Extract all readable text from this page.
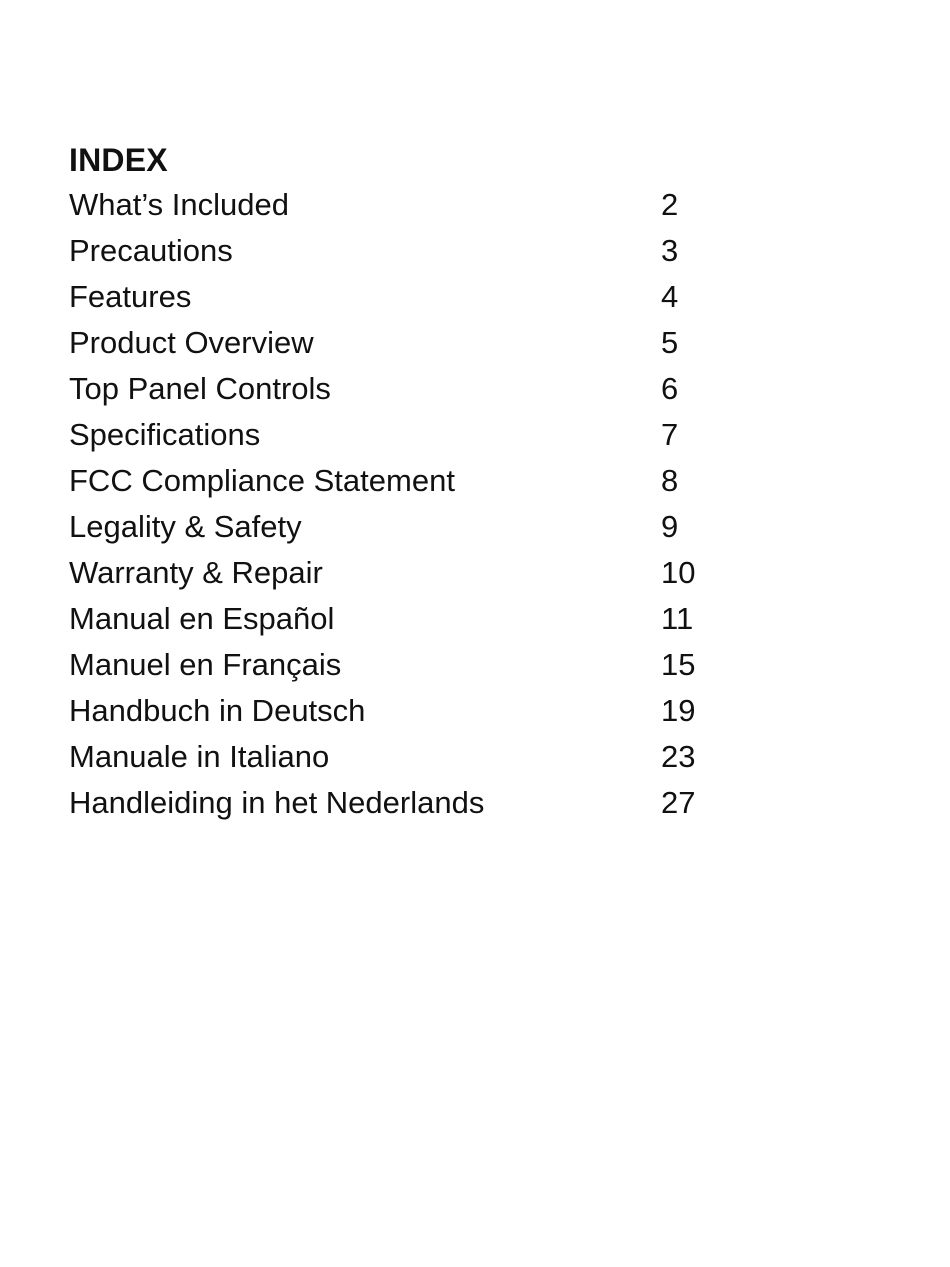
INDEX
What’s Included	2
Precautions	3
Features	4
Product Overview	5
Top Panel Controls	6
Specifications	7
FCC Compliance Statement	8
Legality & Safety	9
Warranty & Repair	10
Manual en Español	11
Manuel en Français	15
Handbuch in Deutsch	19
Manuale in Italiano	23
Handleiding in het Nederlands	27
